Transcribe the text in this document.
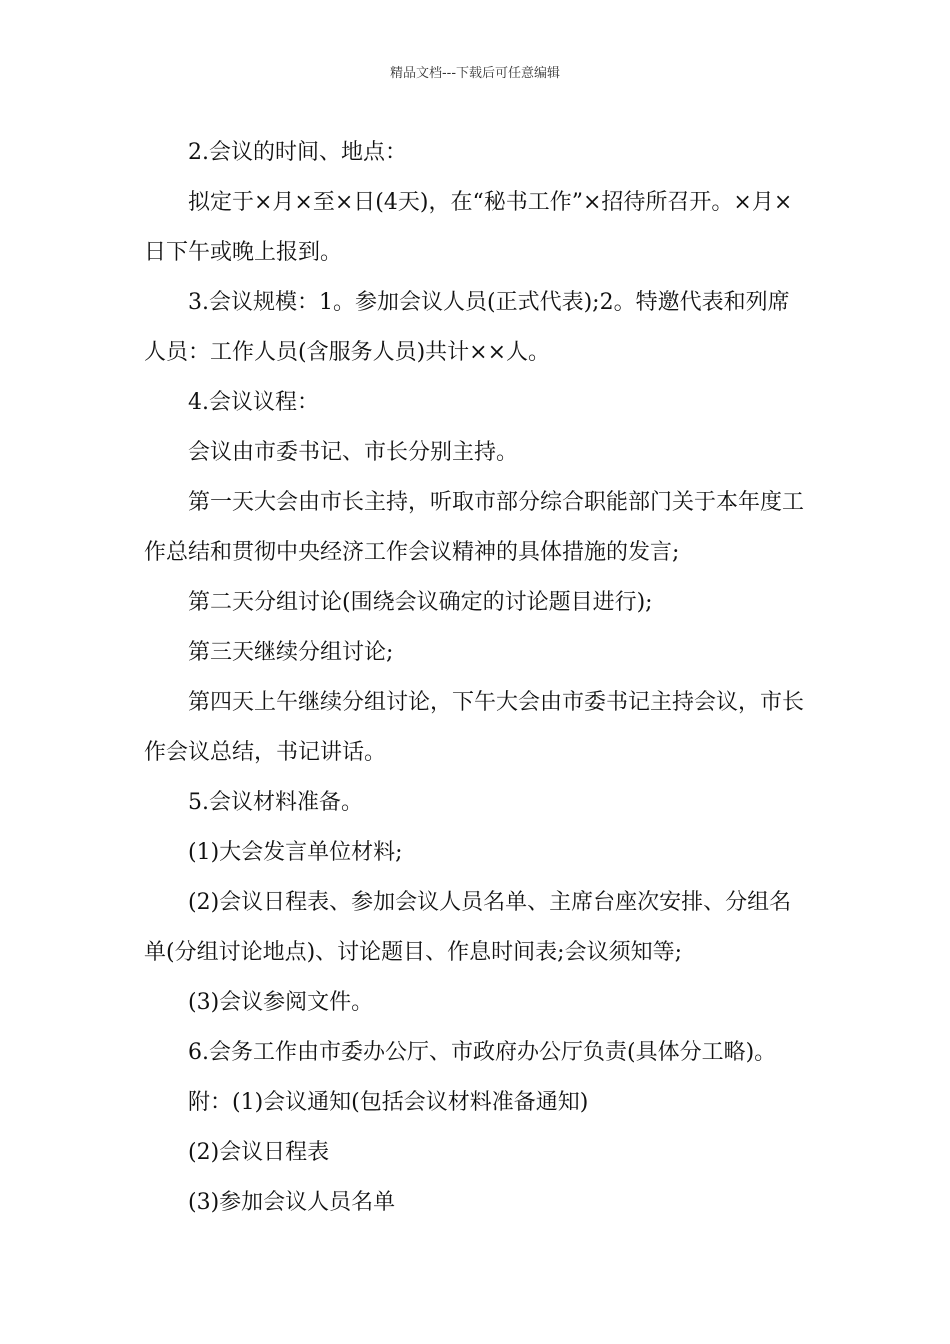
精品文档---下载后可任意编辑

2.会议的时间、地点：

拟定于×月×至×日(4天)，在“秘书工作”×招待所召开。×月×日下午或晚上报到。

3.会议规模：1。参加会议人员(正式代表);2。特邀代表和列席人员：工作人员(含服务人员)共计××人。

4.会议议程：

会议由市委书记、市长分别主持。

第一天大会由市长主持，听取市部分综合职能部门关于本年度工作总结和贯彻中央经济工作会议精神的具体措施的发言;

第二天分组讨论(围绕会议确定的讨论题目进行);

第三天继续分组讨论;

第四天上午继续分组讨论，下午大会由市委书记主持会议，市长作会议总结，书记讲话。

5.会议材料准备。

(1)大会发言单位材料;

(2)会议日程表、参加会议人员名单、主席台座次安排、分组名单(分组讨论地点)、讨论题目、作息时间表;会议须知等;

(3)会议参阅文件。

6.会务工作由市委办公厅、市政府办公厅负责(具体分工略)。

附：(1)会议通知(包括会议材料准备通知)

(2)会议日程表

(3)参加会议人员名单
